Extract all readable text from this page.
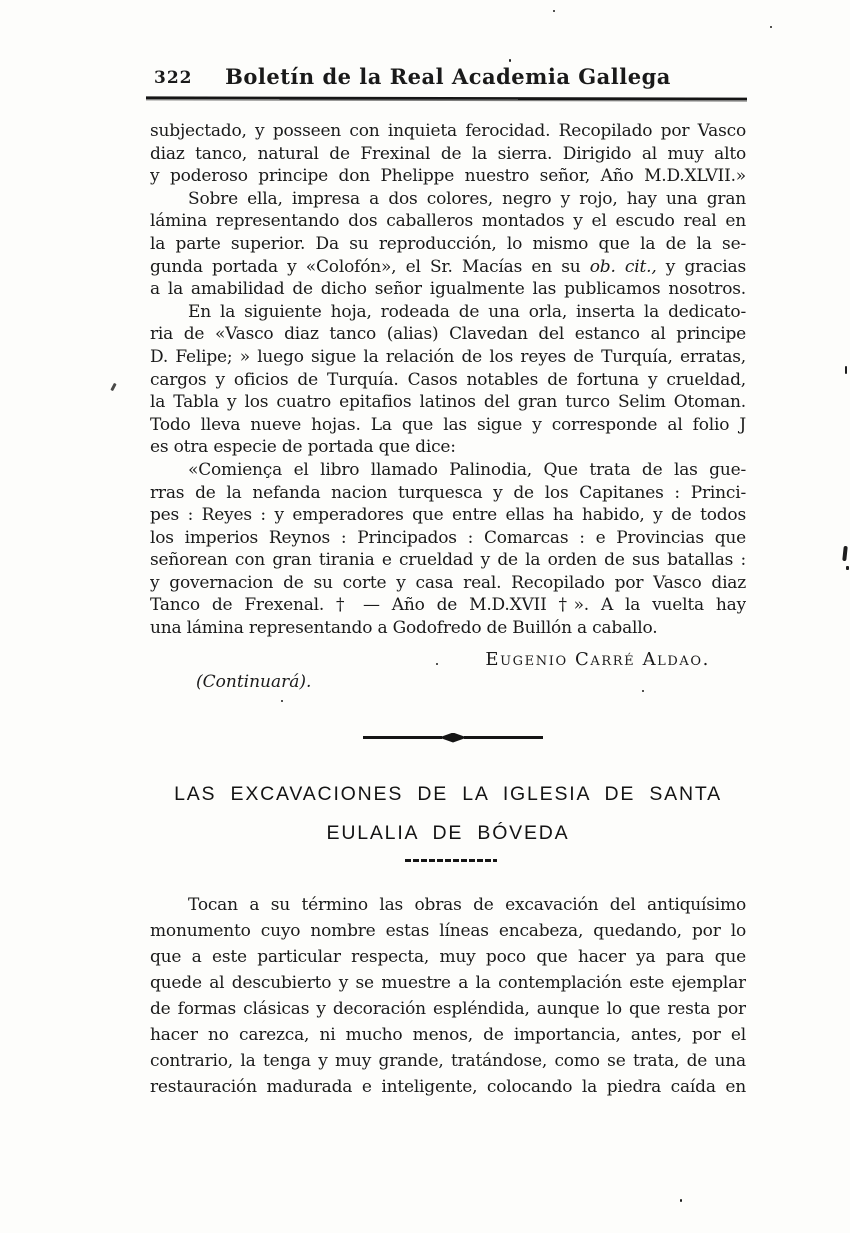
322	Boletín de la Real Academia Gallega
subjectado, y posseen con inquieta ferocidad. Recopilado por Vasco
diaz tanco, natural de Frexinal de la sierra. Dirigido al muy alto
y poderoso principe don Phelippe nuestro señor, Año M.D.XLVII.»
Sobre ella, impresa a dos colores, negro y rojo, hay una gran
lámina representando dos caballeros montados y el escudo real en
la parte superior. Da su reproducción, lo mismo que la de la se-
gunda portada y «Colofón», el Sr. Macías en su ob. cit., y gracias
a la amabilidad de dicho señor igualmente las publicamos nosotros.
En la siguiente hoja, rodeada de una orla, inserta la dedicato-
ria de «Vasco diaz tanco (alias) Clavedan del estanco al principe
D. Felipe; » luego sigue la relación de los reyes de Turquía, erratas,
cargos y oficios de Turquía. Casos notables de fortuna y crueldad,
la Tabla y los cuatro epitafios latinos del gran turco Selim Otoman.
Todo lleva nueve hojas. La que las sigue y corresponde al folio J
es otra especie de portada que dice:
«Comiença el libro llamado Palinodia, Que trata de las gue-
rras de la nefanda nacion turquesca y de los Capitanes : Princi-
pes : Reyes : y emperadores que entre ellas ha habido, y de todos
los imperios Reynos : Principados : Comarcas : e Provincias que
señorean con gran tirania e crueldad y de la orden de sus batallas :
y governacion de su corte y casa real. Recopilado por Vasco diaz
Tanco de Frexenal. † — Año de M.D.XVII †». A la vuelta hay
una lámina representando a Godofredo de Buillón a caballo.
Eugenio Carré Aldao.
(Continuará).
LAS EXCAVACIONES DE LA IGLESIA DE SANTA
EULALIA DE BÓVEDA
Tocan a su término las obras de excavación del antiquísimo
monumento cuyo nombre estas líneas encabeza, quedando, por lo
que a este particular respecta, muy poco que hacer ya para que
quede al descubierto y se muestre a la contemplación este ejemplar
de formas clásicas y decoración espléndida, aunque lo que resta por
hacer no carezca, ni mucho menos, de importancia, antes, por el
contrario, la tenga y muy grande, tratándose, como se trata, de una
restauración madurada e inteligente, colocando la piedra caída en
